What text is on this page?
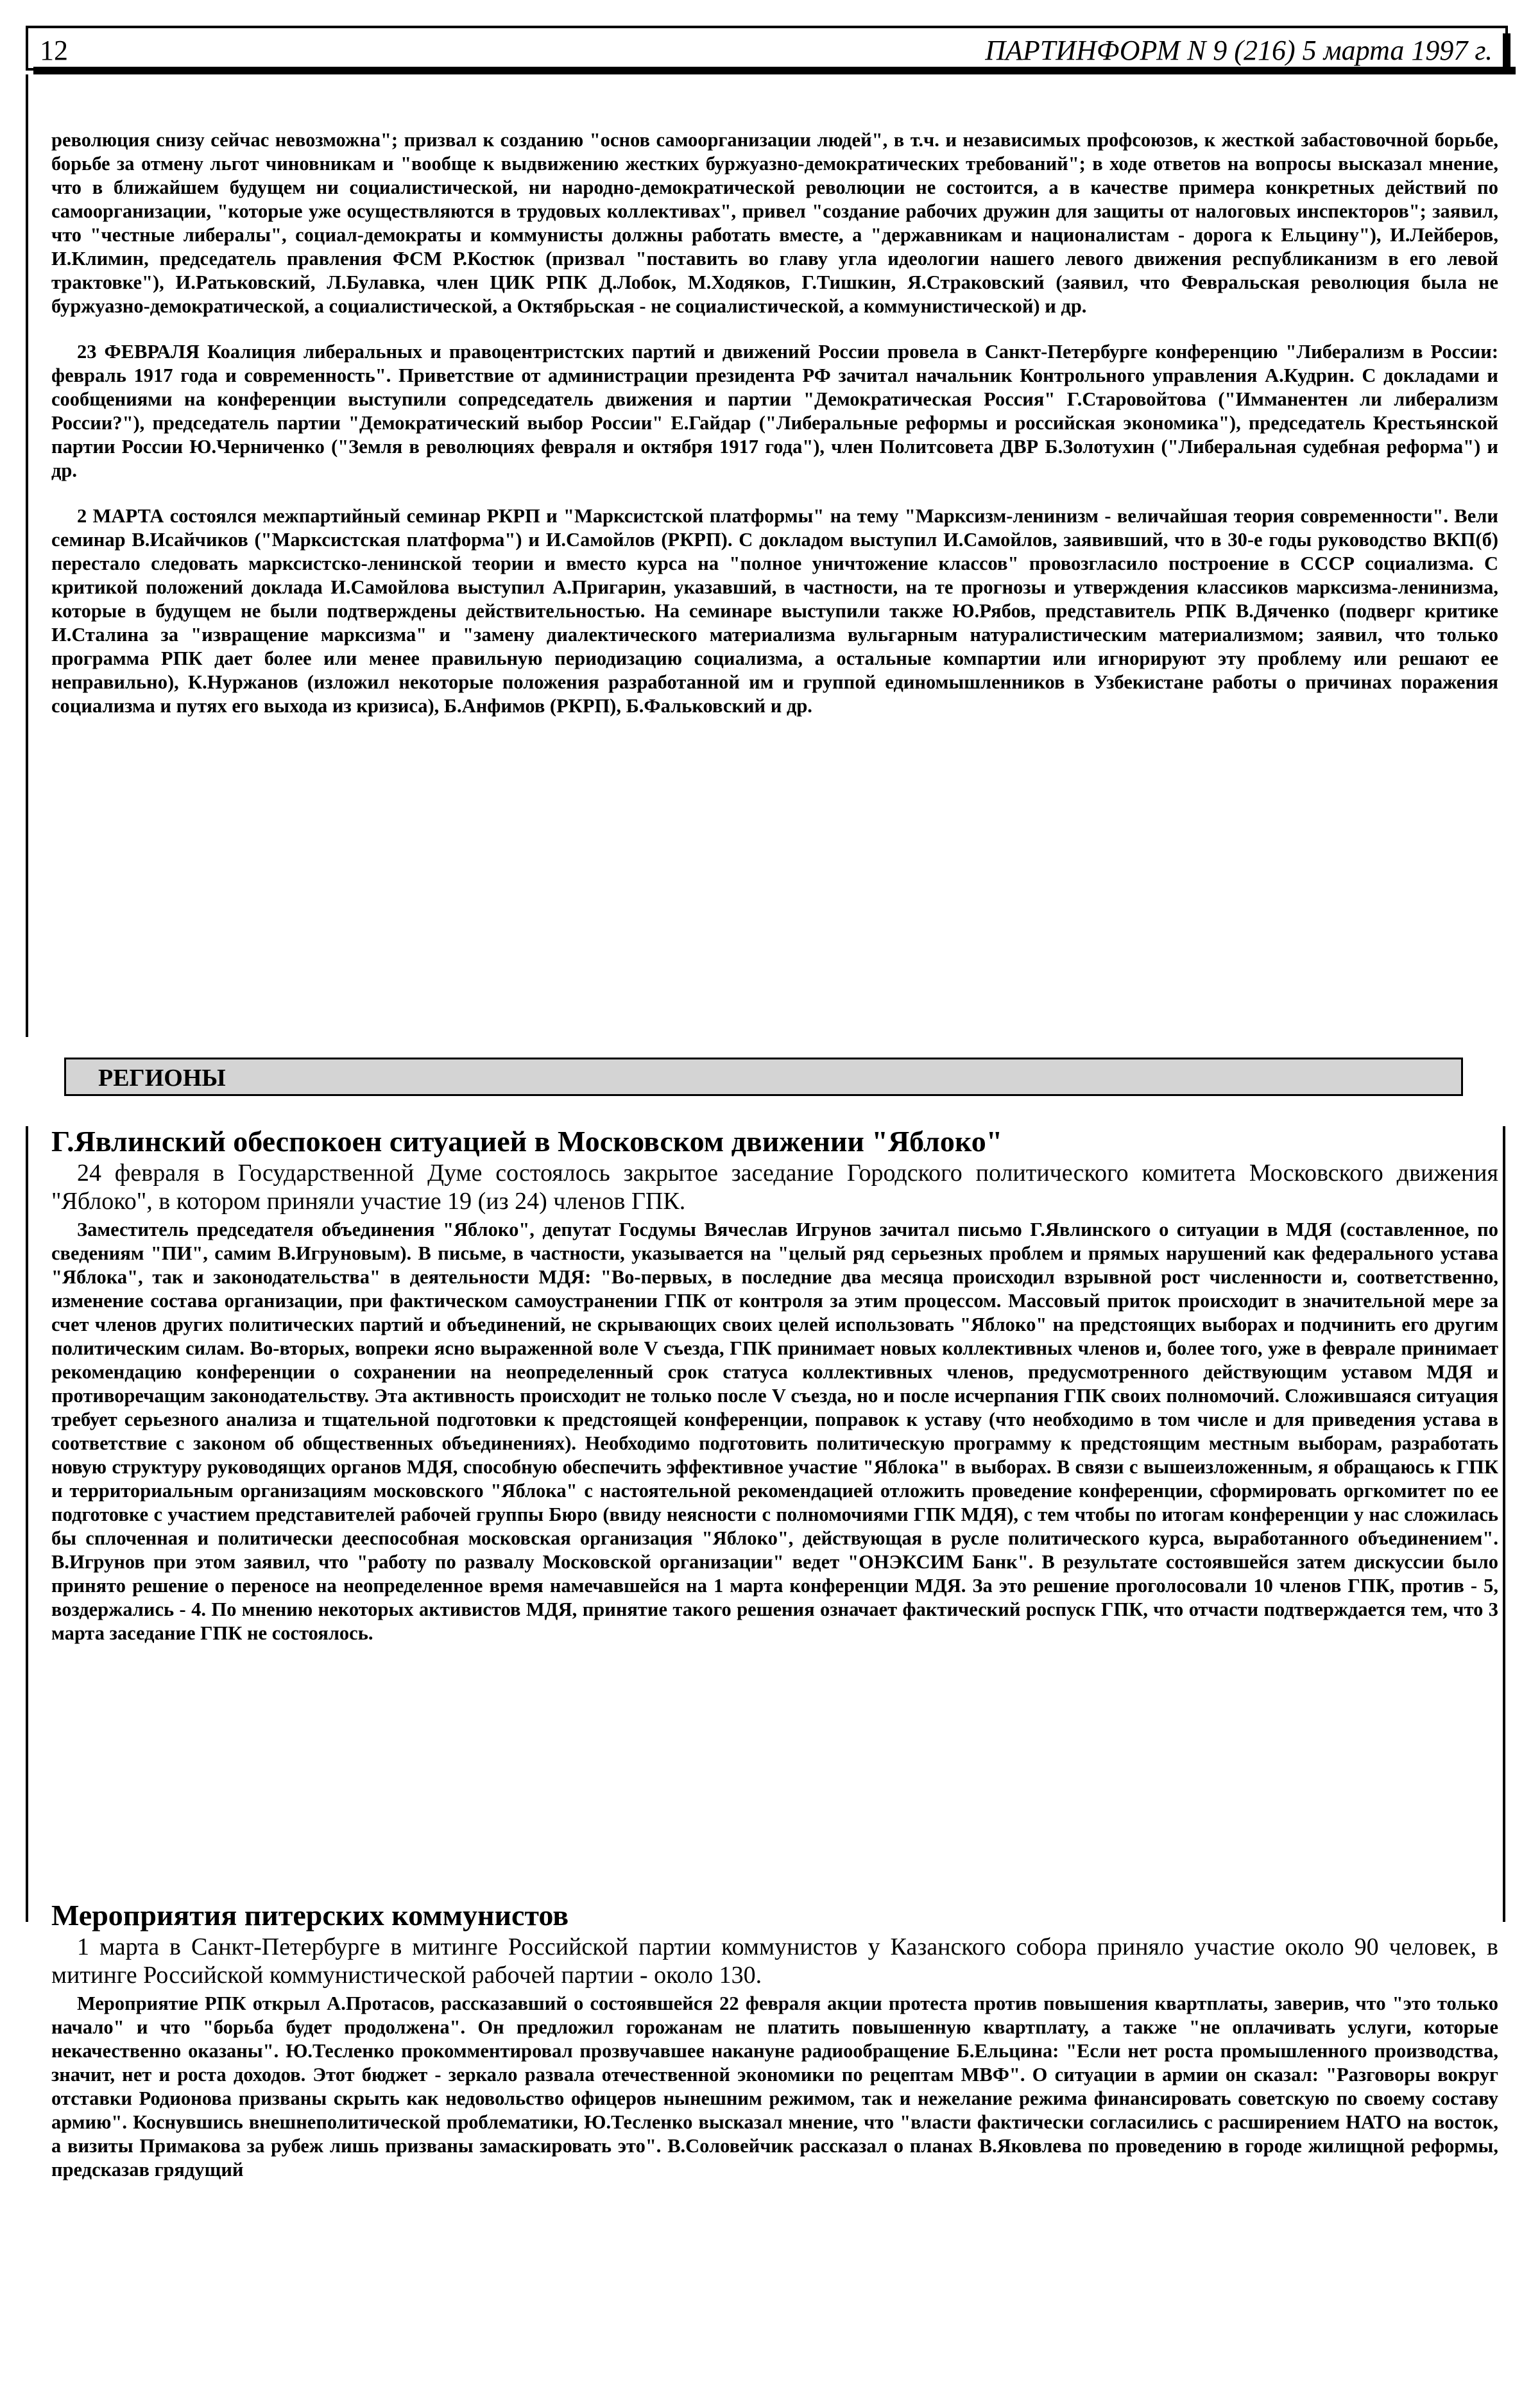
12	ПАРТИНФОРМ N 9 (216) 5 марта 1997 г.

революция снизу сейчас невозможна"; призвал к созданию "основ самоорганизации людей", в т.ч. и независимых профсоюзов, к жесткой забастовочной борьбе, борьбе за отмену льгот чиновникам и "вообще к выдвижению жестких буржуазно-демократических требований"; в ходе ответов на вопросы высказал мнение, что в ближайшем будущем ни социалистической, ни народно-демократической революции не состоится, а в качестве примера конкретных действий по самоорганизации, "которые уже осуществляются в трудовых коллективах", привел "создание рабочих дружин для защиты от налоговых инспекторов"; заявил, что "честные либералы", социал-демократы и коммунисты должны работать вместе, а "державникам и националистам - дорога к Ельцину"), И.Лейберов, И.Климин, председатель правления ФСМ Р.Костюк (призвал "поставить во главу угла идеологии нашего левого движения республиканизм в его левой трактовке"), И.Ратьковский, Л.Булавка, член ЦИК РПК Д.Лобок, М.Ходяков, Г.Тишкин, Я.Страковский (заявил, что Февральская революция была не буржуазно-демократической, а социалистической, а Октябрьская - не социалистической, а коммунистической) и др.

23 ФЕВРАЛЯ Коалиция либеральных и правоцентристских партий и движений России провела в Санкт-Петербурге конференцию "Либерализм в России: февраль 1917 года и современность". Приветствие от администрации президента РФ зачитал начальник Контрольного управления А.Кудрин. С докладами и сообщениями на конференции выступили сопредседатель движения и партии "Демократическая Россия" Г.Старовойтова ("Имманентен ли либерализм России?"), председатель партии "Демократический выбор России" Е.Гайдар ("Либеральные реформы и российская экономика"), председатель Крестьянской партии России Ю.Черниченко ("Земля в революциях февраля и октября 1917 года"), член Политсовета ДВР Б.Золотухин ("Либеральная судебная реформа") и др.

2 МАРТА состоялся межпартийный семинар РКРП и "Марксистской платформы" на тему "Марксизм-ленинизм - величайшая теория современности". Вели семинар В.Исайчиков ("Марксистская платформа") и И.Самойлов (РКРП). С докладом выступил И.Самойлов, заявивший, что в 30-е годы руководство ВКП(б) перестало следовать марксистско-ленинской теории и вместо курса на "полное уничтожение классов" провозгласило построение в СССР социализма. С критикой положений доклада И.Самойлова выступил А.Пригарин, указавший, в частности, на те прогнозы и утверждения классиков марксизма-ленинизма, которые в будущем не были подтверждены действительностью. На семинаре выступили также Ю.Рябов, представитель РПК В.Дяченко (подверг критике И.Сталина за "извращение марксизма" и "замену диалектического материализма вульгарным натуралистическим материализмом; заявил, что только программа РПК дает более или менее правильную периодизацию социализма, а остальные компартии или игнорируют эту проблему или решают ее неправильно), К.Нуржанов (изложил некоторые положения разработанной им и группой единомышленников в Узбекистане работы о причинах поражения социализма и путях его выхода из кризиса), Б.Анфимов (РКРП), Б.Фальковский и др.

РЕГИОНЫ
Г.Явлинский обеспокоен ситуацией в Московском движении "Яблоко"

24 февраля в Государственной Думе состоялось закрытое заседание Городского политического комитета Московского движения "Яблоко", в котором приняли участие 19 (из 24) членов ГПК.

Заместитель председателя объединения "Яблоко", депутат Госдумы Вячеслав Игрунов зачитал письмо Г.Явлинского о ситуации в МДЯ (составленное, по сведениям "ПИ", самим В.Игруновым). В письме, в частности, указывается на "целый ряд серьезных проблем и прямых нарушений как федерального устава "Яблока", так и законодательства" в деятельности МДЯ: "Во-первых, в последние два месяца происходил взрывной рост численности и, соответственно, изменение состава организации, при фактическом самоустранении ГПК от контроля за этим процессом. Массовый приток происходит в значительной мере за счет членов других политических партий и объединений, не скрывающих своих целей использовать "Яблоко" на предстоящих выборах и подчинить его другим политическим силам. Во-вторых, вопреки ясно выраженной воле V съезда, ГПК принимает новых коллективных членов и, более того, уже в феврале принимает рекомендацию конференции о сохранении на неопределенный срок статуса коллективных членов, предусмотренного действующим уставом МДЯ и противоречащим законодательству. Эта активность происходит не только после V съезда, но и после исчерпания ГПК своих полномочий. Сложившаяся ситуация требует серьезного анализа и тщательной подготовки к предстоящей конференции, поправок к уставу (что необходимо в том числе и для приведения устава в соответствие с законом об общественных объединениях). Необходимо подготовить политическую программу к предстоящим местным выборам, разработать новую структуру руководящих органов МДЯ, способную обеспечить эффективное участие "Яблока" в выборах. В связи с вышеизложенным, я обращаюсь к ГПК и территориальным организациям московского "Яблока" с настоятельной рекомендацией отложить проведение конференции, сформировать оргкомитет по ее подготовке с участием представителей рабочей группы Бюро (ввиду неясности с полномочиями ГПК МДЯ), с тем чтобы по итогам конференции у нас сложилась бы сплоченная и политически дееспособная московская организация "Яблоко", действующая в русле политического курса, выработанного объединением". В.Игрунов при этом заявил, что "работу по развалу Московской организации" ведет "ОНЭКСИМ Банк". В результате состоявшейся затем дискуссии было принято решение о переносе на неопределенное время намечавшейся на 1 марта конференции МДЯ. За это решение проголосовали 10 членов ГПК, против - 5, воздержались - 4. По мнению некоторых активистов МДЯ, принятие такого решения означает фактический роспуск ГПК, что отчасти подтверждается тем, что 3 марта заседание ГПК не состоялось.

Мероприятия питерских коммунистов

1 марта в Санкт-Петербурге в митинге Российской партии коммунистов у Казанского собора приняло участие около 90 человек, в митинге Российской коммунистической рабочей партии - около 130.

Мероприятие РПК открыл А.Протасов, рассказавший о состоявшейся 22 февраля акции протеста против повышения квартплаты, заверив, что "это только начало" и что "борьба будет продолжена". Он предложил горожанам не платить повышенную квартплату, а также "не оплачивать услуги, которые некачественно оказаны". Ю.Тесленко прокомментировал прозвучавшее накануне радиообращение Б.Ельцина: "Если нет роста промышленного производства, значит, нет и роста доходов. Этот бюджет - зеркало развала отечественной экономики по рецептам МВФ". О ситуации в армии он сказал: "Разговоры вокруг отставки Родионова призваны скрыть как недовольство офицеров нынешним режимом, так и нежелание режима финансировать советскую по своему составу армию". Коснувшись внешнеполитической проблематики, Ю.Тесленко высказал мнение, что "власти фактически согласились с расширением НАТО на восток, а визиты Примакова за рубеж лишь призваны замаскировать это". В.Соловейчик рассказал о планах В.Яковлева по проведению в городе жилищной реформы, предсказав грядущий
